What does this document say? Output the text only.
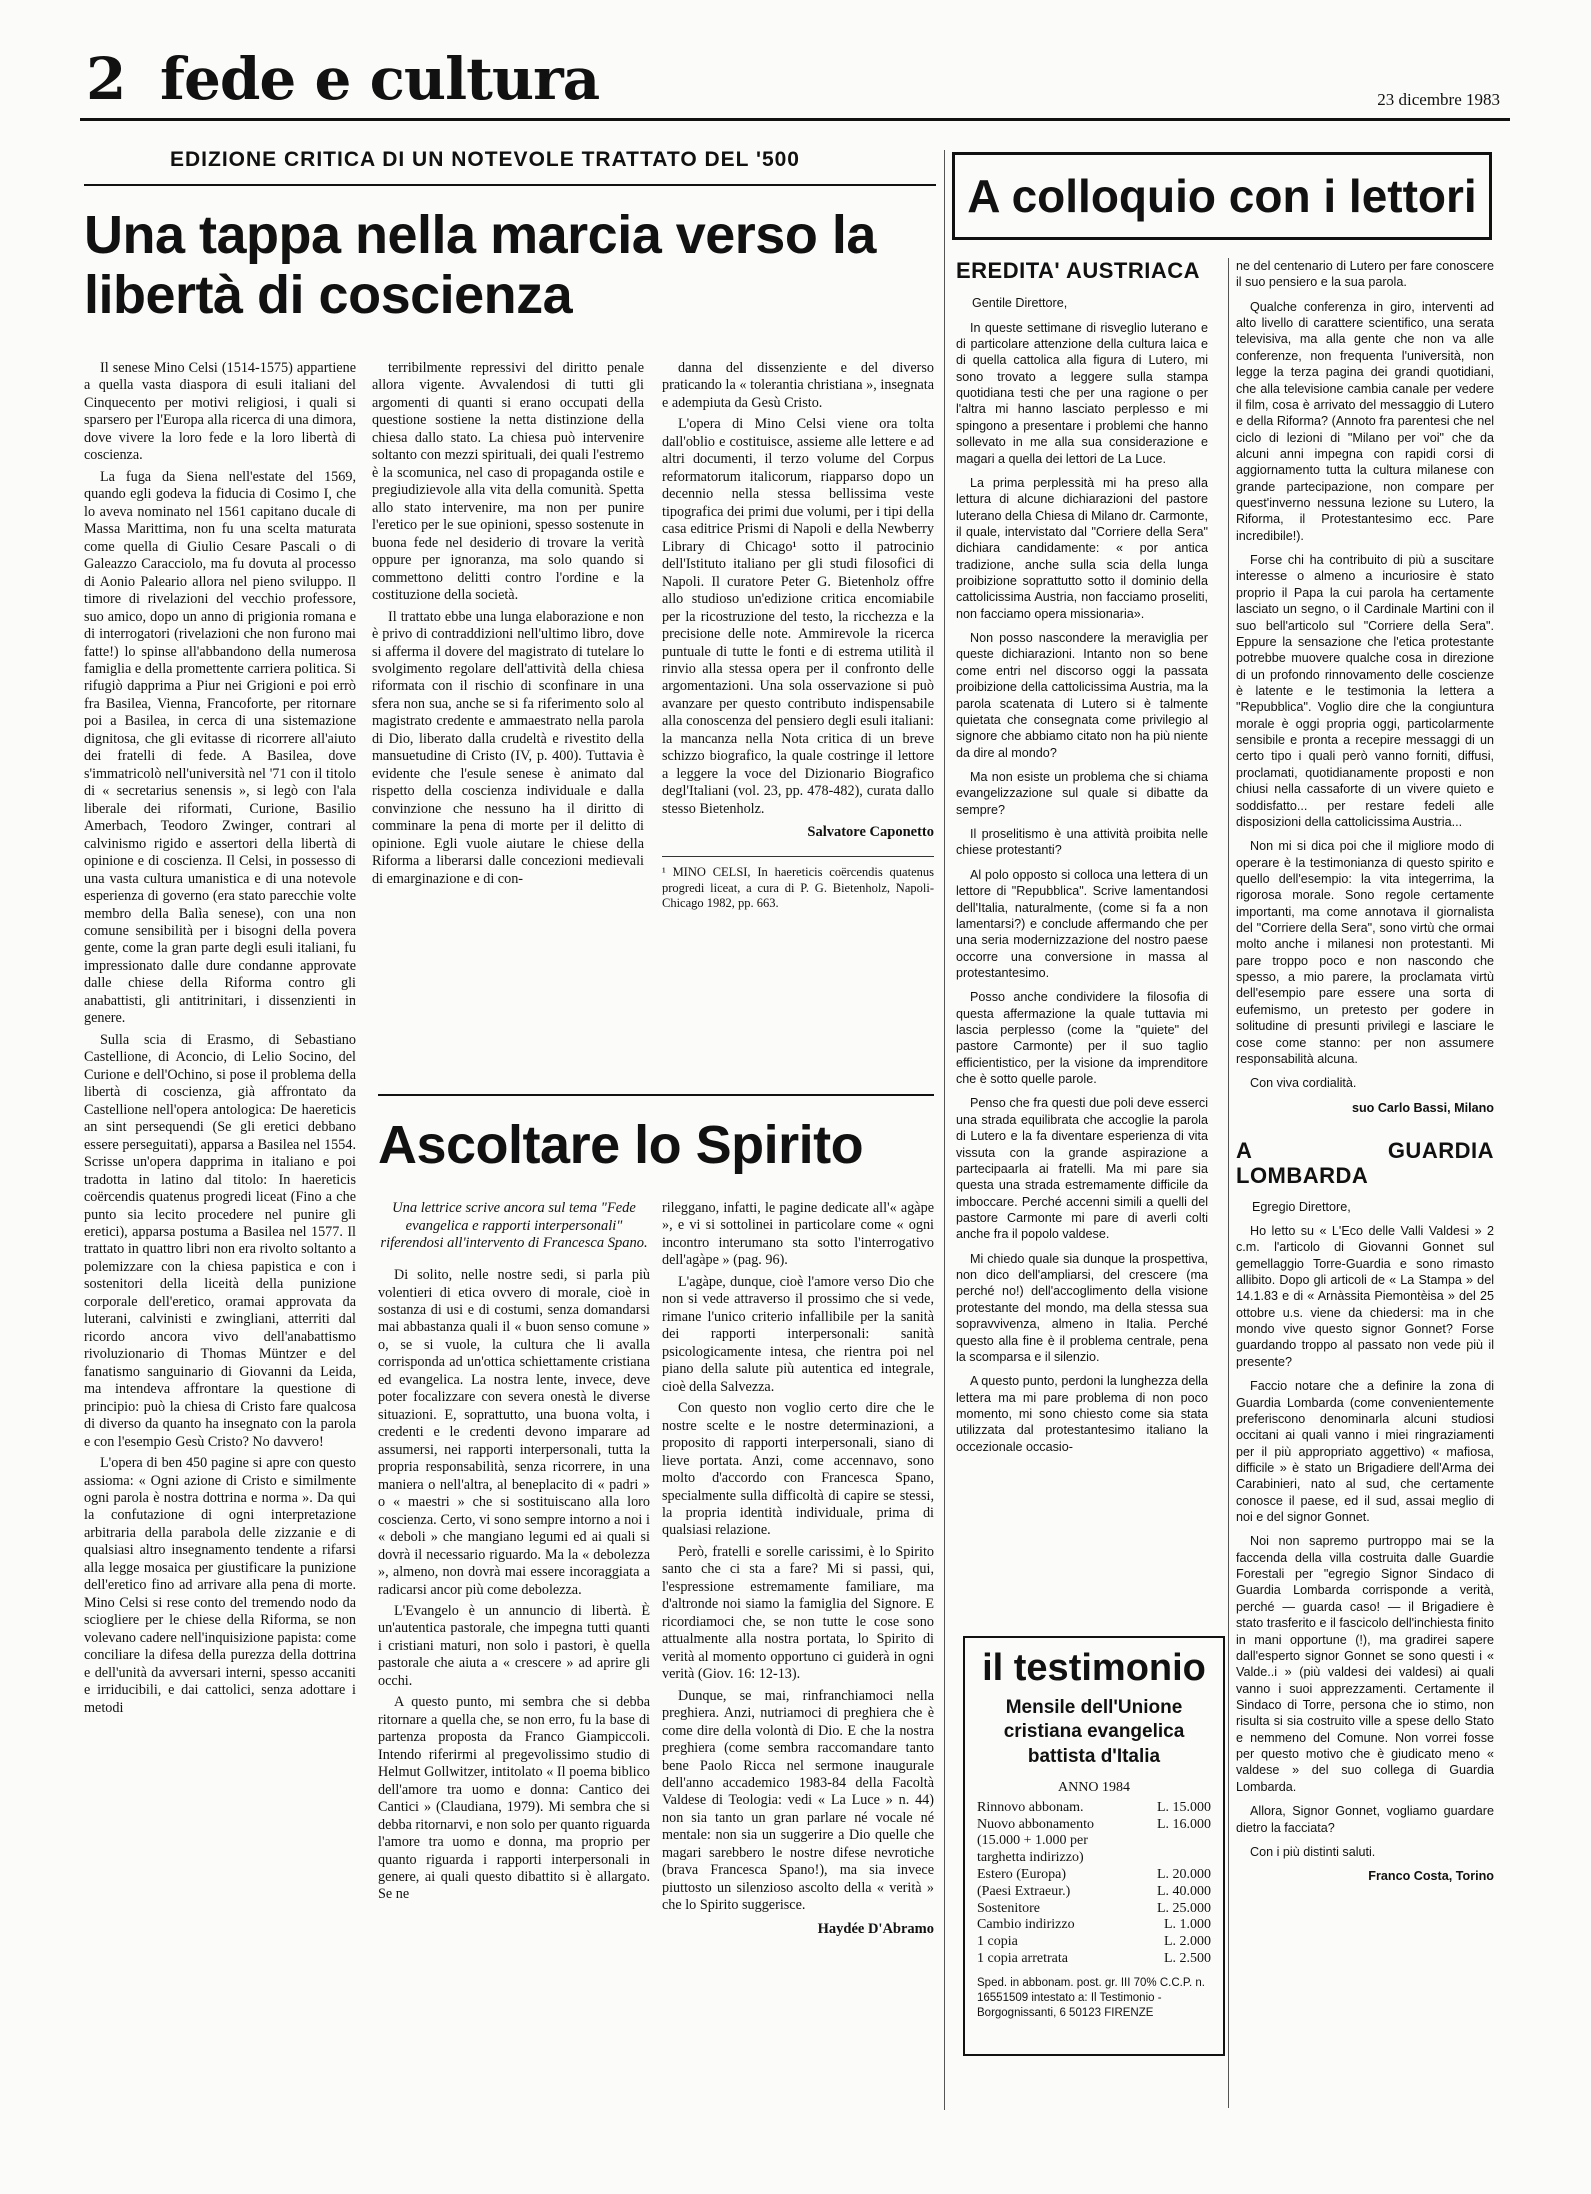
2 fede e cultura	23 dicembre 1983
EDIZIONE CRITICA DI UN NOTEVOLE TRATTATO DEL '500
Una tappa nella marcia verso la libertà di coscienza

Il senese Mino Celsi (1514-1575) appartiene a quella vasta diaspora di esuli italiani del Cinquecento per motivi religiosi, i quali si sparsero per l'Europa alla ricerca di una dimora, dove vivere la loro fede e la loro libertà di coscienza.

La fuga da Siena nell'estate del 1569, quando egli godeva la fiducia di Cosimo I, che lo aveva nominato nel 1561 capitano ducale di Massa Marittima, non fu una scelta maturata come quella di Giulio Cesare Pascali o di Galeazzo Caracciolo, ma fu dovuta al processo di Aonio Paleario allora nel pieno sviluppo. Il timore di rivelazioni del vecchio professore, suo amico, dopo un anno di prigionia romana e di interrogatori (rivelazioni che non furono mai fatte!) lo spinse all'abbandono della numerosa famiglia e della promettente carriera politica. Si rifugiò dapprima a Piur nei Grigioni e poi errò fra Basilea, Vienna, Francoforte, per ritornare poi a Basilea, in cerca di una sistemazione dignitosa, che gli evitasse di ricorrere all'aiuto dei fratelli di fede. A Basilea, dove s'immatricolò nell'università nel '71 con il titolo di « secretarius senensis », si legò con l'ala liberale dei riformati, Curione, Basilio Amerbach, Teodoro Zwinger, contrari al calvinismo rigido e assertori della libertà di opinione e di coscienza. Il Celsi, in possesso di una vasta cultura umanistica e di una notevole esperienza di governo (era stato parecchie volte membro della Balìa senese), con una non comune sensibilità per i bisogni della povera gente, come la gran parte degli esuli italiani, fu impressionato dalle dure condanne approvate dalle chiese della Riforma contro gli anabattisti, gli antitrinitari, i dissenzienti in genere.

Sulla scia di Erasmo, di Sebastiano Castellione, di Aconcio, di Lelio Socino, del Curione e dell'Ochino, si pose il problema della libertà di coscienza, già affrontato da Castellione nell'opera antologica: De haereticis an sint persequendi (Se gli eretici debbano essere perseguitati), apparsa a Basilea nel 1554. Scrisse un'opera dapprima in italiano e poi tradotta in latino dal titolo: In haereticis coërcendis quatenus progredi liceat (Fino a che punto sia lecito procedere nel punire gli eretici), apparsa postuma a Basilea nel 1577. Il trattato in quattro libri non era rivolto soltanto a polemizzare con la chiesa papistica e con i sostenitori della liceità della punizione corporale dell'eretico, oramai approvata da luterani, calvinisti e zwingliani, atterriti dal ricordo ancora vivo dell'anabattismo rivoluzionario di Thomas Müntzer e del fanatismo sanguinario di Giovanni da Leida, ma intendeva affrontare la questione di principio: può la chiesa di Cristo fare qualcosa di diverso da quanto ha insegnato con la parola e con l'esempio Gesù Cristo? No davvero!

L'opera di ben 450 pagine si apre con questo assioma: « Ogni azione di Cristo e similmente ogni parola è nostra dottrina e norma ». Da qui la confutazione di ogni interpretazione arbitraria della parabola delle zizzanie e di qualsiasi altro insegnamento tendente a rifarsi alla legge mosaica per giustificare la punizione dell'eretico fino ad arrivare alla pena di morte. Mino Celsi si rese conto del tremendo nodo da sciogliere per le chiese della Riforma, se non volevano cadere nell'inquisizione papista: come conciliare la difesa della purezza della dottrina e dell'unità da avversari interni, spesso accaniti e irriducibili, e dai cattolici, senza adottare i metodi

terribilmente repressivi del diritto penale allora vigente. Avvalendosi di tutti gli argomenti di quanti si erano occupati della questione sostiene la netta distinzione della chiesa dallo stato. La chiesa può intervenire soltanto con mezzi spirituali, dei quali l'estremo è la scomunica, nel caso di propaganda ostile e pregiudizievole alla vita della comunità. Spetta allo stato intervenire, ma non per punire l'eretico per le sue opinioni, spesso sostenute in buona fede nel desiderio di trovare la verità oppure per ignoranza, ma solo quando si commettono delitti contro l'ordine e la costituzione della società.

Il trattato ebbe una lunga elaborazione e non è privo di contraddizioni nell'ultimo libro, dove si afferma il dovere del magistrato di tutelare lo svolgimento regolare dell'attività della chiesa riformata con il rischio di sconfinare in una sfera non sua, anche se si fa riferimento solo al magistrato credente e ammaestrato nella parola di Dio, liberato dalla crudeltà e rivestito della mansuetudine di Cristo (IV, p. 400). Tuttavia è evidente che l'esule senese è animato dal rispetto della coscienza individuale e dalla convinzione che nessuno ha il diritto di comminare la pena di morte per il delitto di opinione. Egli vuole aiutare le chiese della Riforma a liberarsi dalle concezioni medievali di emarginazione e di con-

danna del dissenziente e del diverso praticando la « tolerantia christiana », insegnata e adempiuta da Gesù Cristo.

L'opera di Mino Celsi viene ora tolta dall'oblio e costituisce, assieme alle lettere e ad altri documenti, il terzo volume del Corpus reformatorum italicorum, riapparso dopo un decennio nella stessa bellissima veste tipografica dei primi due volumi, per i tipi della casa editrice Prismi di Napoli e della Newberry Library di Chicago¹ sotto il patrocinio dell'Istituto italiano per gli studi filosofici di Napoli. Il curatore Peter G. Bietenholz offre allo studioso un'edizione critica encomiabile per la ricostruzione del testo, la ricchezza e la precisione delle note. Ammirevole la ricerca puntuale di tutte le fonti e di estrema utilità il rinvio alla stessa opera per il confronto delle argomentazioni. Una sola osservazione si può avanzare per questo contributo indispensabile alla conoscenza del pensiero degli esuli italiani: la mancanza nella Nota critica di un breve schizzo biografico, la quale costringe il lettore a leggere la voce del Dizionario Biografico degl'Italiani (vol. 23, pp. 478-482), curata dallo stesso Bietenholz.

Salvatore Caponetto
¹ MINO CELSI, In haereticis coërcendis quatenus progredi liceat, a cura di P. G. Bietenholz, Napoli-Chicago 1982, pp. 663.
Ascoltare lo Spirito
Una lettrice scrive ancora sul tema "Fede evangelica e rapporti interpersonali" riferendosi all'intervento di Francesca Spano.

Di solito, nelle nostre sedi, si parla più volentieri di etica ovvero di morale, cioè in sostanza di usi e di costumi, senza domandarsi mai abbastanza quali il « buon senso comune » o, se si vuole, la cultura che li avalla corrisponda ad un'ottica schiettamente cristiana ed evangelica. La nostra lente, invece, deve poter focalizzare con severa onestà le diverse situazioni. E, soprattutto, una buona volta, i credenti e le credenti devono imparare ad assumersi, nei rapporti interpersonali, tutta la propria responsabilità, senza ricorrere, in una maniera o nell'altra, al beneplacito di « padri » o « maestri » che si sostituiscano alla loro coscienza. Certo, vi sono sempre intorno a noi i « deboli » che mangiano legumi ed ai quali si dovrà il necessario riguardo. Ma la « debolezza », almeno, non dovrà mai essere incoraggiata a radicarsi ancor più come debolezza.

L'Evangelo è un annuncio di libertà. È un'autentica pastorale, che impegna tutti quanti i cristiani maturi, non solo i pastori, è quella pastorale che aiuta a « crescere » ad aprire gli occhi.

A questo punto, mi sembra che si debba ritornare a quella che, se non erro, fu la base di partenza proposta da Franco Giampiccoli. Intendo riferirmi al pregevolissimo studio di Helmut Gollwitzer, intitolato « Il poema biblico dell'amore tra uomo e donna: Cantico dei Cantici » (Claudiana, 1979). Mi sembra che si debba ritornarvi, e non solo per quanto riguarda l'amore tra uomo e donna, ma proprio per quanto riguarda i rapporti interpersonali in genere, ai quali questo dibattito si è allargato. Se ne

rileggano, infatti, le pagine dedicate all'« agàpe », e vi si sottolinei in particolare come « ogni incontro interumano sta sotto l'interrogativo dell'agàpe » (pag. 96).

L'agàpe, dunque, cioè l'amore verso Dio che non si vede attraverso il prossimo che si vede, rimane l'unico criterio infallibile per la sanità dei rapporti interpersonali: sanità psicologicamente intesa, che rientra poi nel piano della salute più autentica ed integrale, cioè della Salvezza.

Con questo non voglio certo dire che le nostre scelte e le nostre determinazioni, a proposito di rapporti interpersonali, siano di lieve portata. Anzi, come accennavo, sono molto d'accordo con Francesca Spano, specialmente sulla difficoltà di capire se stessi, la propria identità individuale, prima di qualsiasi relazione.

Però, fratelli e sorelle carissimi, è lo Spirito santo che ci sta a fare? Mi si passi, qui, l'espressione estremamente familiare, ma d'altronde noi siamo la famiglia del Signore. E ricordiamoci che, se non tutte le cose sono attualmente alla nostra portata, lo Spirito di verità al momento opportuno ci guiderà in ogni verità (Giov. 16: 12-13).

Dunque, se mai, rinfranchiamoci nella preghiera. Anzi, nutriamoci di preghiera che è come dire della volontà di Dio. E che la nostra preghiera (come sembra raccomandare tanto bene Paolo Ricca nel sermone inaugurale dell'anno accademico 1983-84 della Facoltà Valdese di Teologia: vedi « La Luce » n. 44) non sia tanto un gran parlare né vocale né mentale: non sia un suggerire a Dio quelle che magari sarebbero le nostre difese nevrotiche (brava Francesca Spano!), ma sia invece piuttosto un silenzioso ascolto della « verità » che lo Spirito suggerisce.

Haydée D'Abramo
A colloquio con i lettori
EREDITA' AUSTRIACA

Gentile Direttore,

In queste settimane di risveglio luterano e di particolare attenzione della cultura laica e di quella cattolica alla figura di Lutero, mi sono trovato a leggere sulla stampa quotidiana testi che per una ragione o per l'altra mi hanno lasciato perplesso e mi spingono a presentare i problemi che hanno sollevato in me alla sua considerazione e magari a quella dei lettori de La Luce.

La prima perplessità mi ha preso alla lettura di alcune dichiarazioni del pastore luterano della Chiesa di Milano dr. Carmonte, il quale, intervistato dal "Corriere della Sera" dichiara candidamente: « por antica tradizione, anche sulla scia della lunga proibizione soprattutto sotto il dominio della cattolicissima Austria, non facciamo proseliti, non facciamo opera missionaria».

Non posso nascondere la meraviglia per queste dichiarazioni. Intanto non so bene come entri nel discorso oggi la passata proibizione della cattolicissima Austria, ma la parola scatenata di Lutero si è talmente quietata che consegnata come privilegio al signore che abbiamo citato non ha più niente da dire al mondo?

Ma non esiste un problema che si chiama evangelizzazione sul quale si dibatte da sempre?

Il proselitismo è una attività proibita nelle chiese protestanti?

Al polo opposto si colloca una lettera di un lettore di "Repubblica". Scrive lamentandosi dell'Italia, naturalmente, (come si fa a non lamentarsi?) e conclude affermando che per una seria modernizzazione del nostro paese occorre una conversione in massa al protestantesimo.

Posso anche condividere la filosofia di questa affermazione la quale tuttavia mi lascia perplesso (come la "quiete" del pastore Carmonte) per il suo taglio efficientistico, per la visione da imprenditore che è sotto quelle parole.

Penso che fra questi due poli deve esserci una strada equilibrata che accoglie la parola di Lutero e la fa diventare esperienza di vita vissuta con la grande aspirazione a partecipaarla ai fratelli. Ma mi pare sia questa una strada estremamente difficile da imboccare. Perché accenni simili a quelli del pastore Carmonte mi pare di averli colti anche fra il popolo valdese.

Mi chiedo quale sia dunque la prospettiva, non dico dell'ampliarsi, del crescere (ma perché no!) dell'accoglimento della visione protestante del mondo, ma della stessa sua sopravvivenza, almeno in Italia. Perché questo alla fine è il problema centrale, pena la scomparsa e il silenzio.

A questo punto, perdoni la lunghezza della lettera ma mi pare problema di non poco momento, mi sono chiesto come sia stata utilizzata dal protestantesimo italiano la occezionale occasio-

ne del centenario di Lutero per fare conoscere il suo pensiero e la sua parola.

Qualche conferenza in giro, interventi ad alto livello di carattere scientifico, una serata televisiva, ma alla gente che non va alle conferenze, non frequenta l'università, non legge la terza pagina dei grandi quotidiani, che alla televisione cambia canale per vedere il film, cosa è arrivato del messaggio di Lutero e della Riforma? (Annoto fra parentesi che nel ciclo di lezioni di "Milano per voi" che da alcuni anni impegna con rapidi corsi di aggiornamento tutta la cultura milanese con grande partecipazione, non compare per quest'inverno nessuna lezione su Lutero, la Riforma, il Protestantesimo ecc. Pare incredibile!).

Forse chi ha contribuito di più a suscitare interesse o almeno a incuriosire è stato proprio il Papa la cui parola ha certamente lasciato un segno, o il Cardinale Martini con il suo bell'articolo sul "Corriere della Sera". Eppure la sensazione che l'etica protestante potrebbe muovere qualche cosa in direzione di un profondo rinnovamento delle coscienze è latente e le testimonia la lettera a "Repubblica". Voglio dire che la congiuntura morale è oggi propria oggi, particolarmente sensibile e pronta a recepire messaggi di un certo tipo i quali però vanno forniti, diffusi, proclamati, quotidianamente proposti e non chiusi nella cassaforte di un vivere quieto e soddisfatto... per restare fedeli alle disposizioni della cattolicissima Austria...

Non mi si dica poi che il migliore modo di operare è la testimonianza di questo spirito e quello dell'esempio: la vita integerrima, la rigorosa morale. Sono regole certamente importanti, ma come annotava il giornalista del "Corriere della Sera", sono virtù che ormai molto anche i milanesi non protestanti. Mi pare troppo poco e non nascondo che spesso, a mio parere, la proclamata virtù dell'esempio pare essere una sorta di eufemismo, un pretesto per godere in solitudine di presunti privilegi e lasciare le cose come stanno: per non assumere responsabilità alcuna.

Con viva cordialità.

suo Carlo Bassi, Milano
A GUARDIA LOMBARDA

Egregio Direttore,

Ho letto su « L'Eco delle Valli Valdesi » 2 c.m. l'articolo di Giovanni Gonnet sul gemellaggio Torre-Guardia e sono rimasto allibito. Dopo gli articoli de « La Stampa » del 14.1.83 e di « Arnàssita Piemontèisa » del 25 ottobre u.s. viene da chiedersi: ma in che mondo vive questo signor Gonnet? Forse guardando troppo al passato non vede più il presente?

Faccio notare che a definire la zona di Guardia Lombarda (come convenientemente preferiscono denominarla alcuni studiosi occitani ai quali vanno i miei ringraziamenti per il più appropriato aggettivo) « mafiosa, difficile » è stato un Brigadiere dell'Arma dei Carabinieri, nato al sud, che certamente conosce il paese, ed il sud, assai meglio di noi e del signor Gonnet.

Noi non sapremo purtroppo mai se la faccenda della villa costruita dalle Guardie Forestali per "egregio Signor Sindaco di Guardia Lombarda corrisponde a verità, perché — guarda caso! — il Brigadiere è stato trasferito e il fascicolo dell'inchiesta finito in mani opportune (!), ma gradirei sapere dall'esperto signor Gonnet se sono questi i « Valde..i » (più valdesi dei valdesi) ai quali vanno i suoi apprezzamenti. Certamente il Sindaco di Torre, persona che io stimo, non risulta si sia costruito ville a spese dello Stato e nemmeno del Comune. Non vorrei fosse per questo motivo che è giudicato meno « valdese » del suo collega di Guardia Lombarda.

Allora, Signor Gonnet, vogliamo guardare dietro la facciata?

Con i più distinti saluti.

Franco Costa, Torino
il testimonio
Mensile dell'Unione cristiana evangelica battista d'Italia
ANNO 1984
Rinnovo abbonam.	L. 15.000
Nuovo abbonamento	L. 16.000
(15.000 + 1.000 per
targhetta indirizzo)
Estero (Europa)	L. 20.000
(Paesi Extraeur.)	L. 40.000
Sostenitore	L. 25.000
Cambio indirizzo	L. 1.000
1 copia	L. 2.000
1 copia arretrata	L. 2.500
Sped. in abbonam. post. gr. III 70% C.C.P. n. 16551509 intestato a: Il Testimonio - Borgognissanti, 6 50123 FIRENZE
